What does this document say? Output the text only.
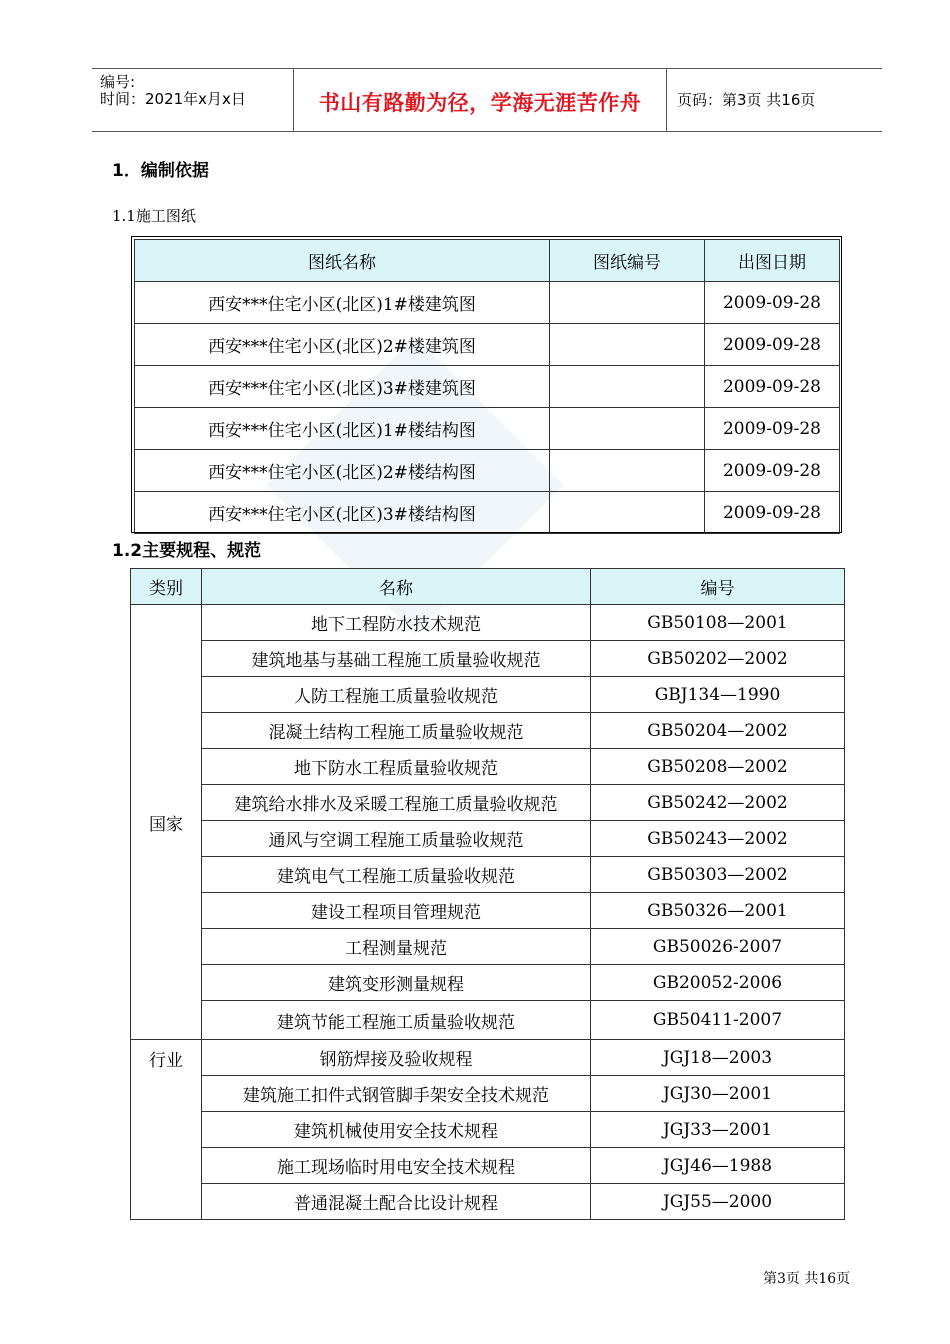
编号:
时间：2021年x月x日	书山有路勤为径，学海无涯苦作舟	页码：第3页 共16页
1．编制依据
1.1施工图纸
图纸名称	图纸编号	出图日期
西安***住宅小区(北区)1#楼建筑图		2009-09-28
西安***住宅小区(北区)2#楼建筑图		2009-09-28
西安***住宅小区(北区)3#楼建筑图		2009-09-28
西安***住宅小区(北区)1#楼结构图		2009-09-28
西安***住宅小区(北区)2#楼结构图		2009-09-28
西安***住宅小区(北区)3#楼结构图		2009-09-28
1.2主要规程、规范
类别	名称	编号
国家	地下工程防水技术规范	GB50108—2001
	建筑地基与基础工程施工质量验收规范	GB50202—2002
	人防工程施工质量验收规范	GBJ134—1990
	混凝土结构工程施工质量验收规范	GB50204—2002
	地下防水工程质量验收规范	GB50208—2002
	建筑给水排水及采暖工程施工质量验收规范	GB50242—2002
	通风与空调工程施工质量验收规范	GB50243—2002
	建筑电气工程施工质量验收规范	GB50303—2002
	建设工程项目管理规范	GB50326—2001
	工程测量规范	GB50026-2007
	建筑变形测量规程	GB20052-2006
	建筑节能工程施工质量验收规范	GB50411-2007
行业	钢筋焊接及验收规程	JGJ18—2003
	建筑施工扣件式钢管脚手架安全技术规范	JGJ30—2001
	建筑机械使用安全技术规程	JGJ33—2001
	施工现场临时用电安全技术规程	JGJ46—1988
	普通混凝土配合比设计规程	JGJ55—2000
第3页 共16页
